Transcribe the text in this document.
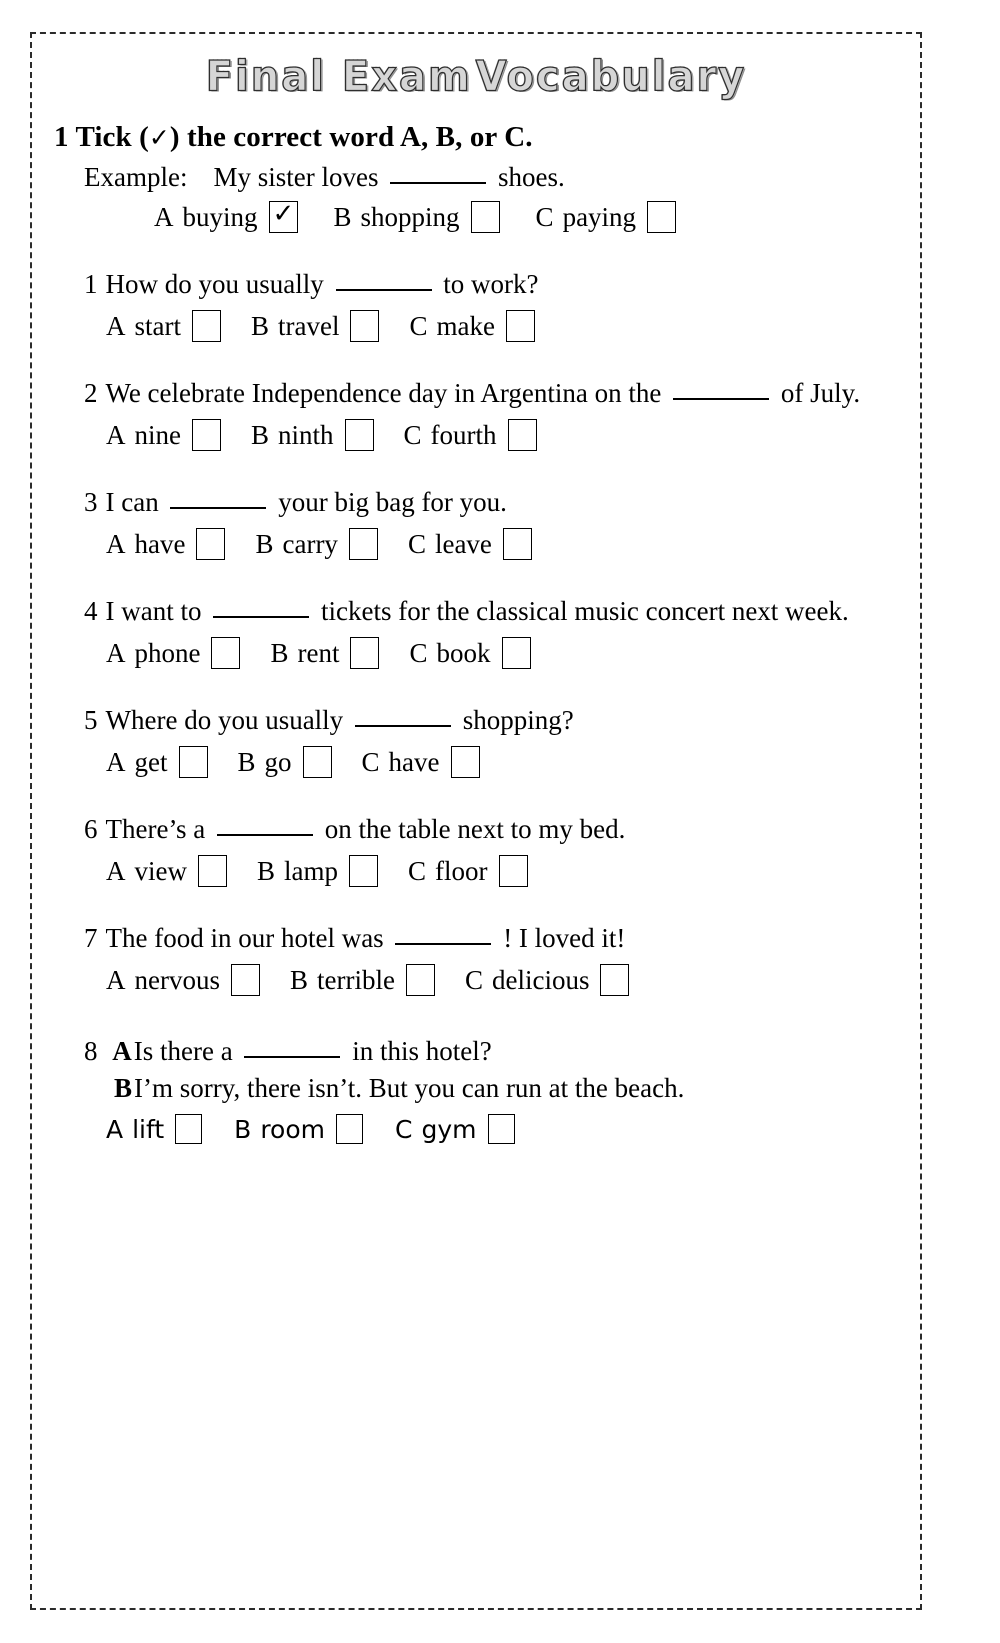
Final Exam Vocabulary
1 Tick (✓) the correct word A, B, or C.
Example: My sister loves	shoes.
A buying ✓	B shopping	C paying
1 How do you usually	to work?
A start	B travel	C make
2 We celebrate Independence day in Argentina on the	of July.
A nine	B ninth	C fourth
3 I can	your big bag for you.
A have	B carry	C leave
4 I want to	tickets for the classical music concert next week.
A phone	B rent	C book
5 Where do you usually	shopping?
A get	B go	C have
6 There’s a	on the table next to my bed.
A view	B lamp	C floor
7 The food in our hotel was	! I loved it!
A nervous	B terrible	C delicious
8 AIs there a	in this hotel?
BI’m sorry, there isn’t. But you can run at the beach.
A lift	B room	C gym
